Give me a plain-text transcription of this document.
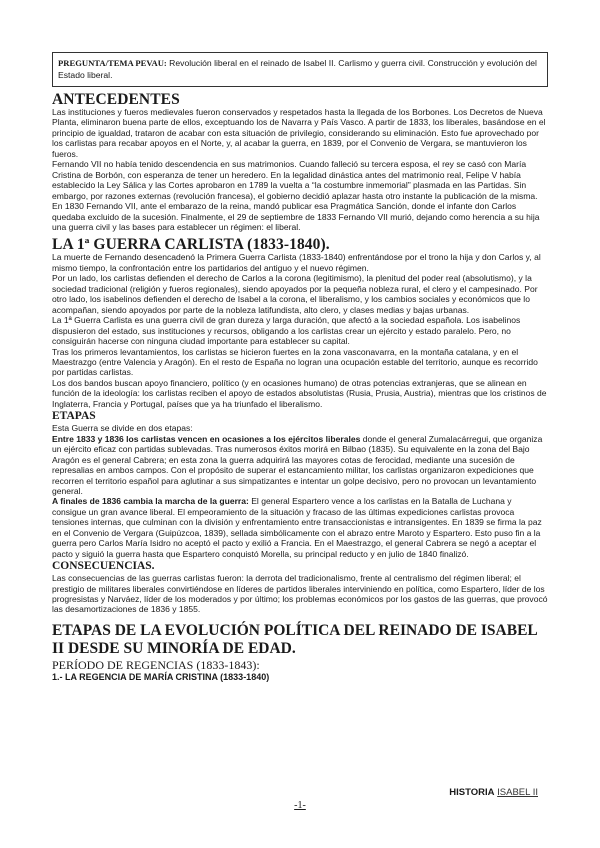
PREGUNTA/TEMA PEVAU: Revolución liberal en el reinado de Isabel II. Carlismo y guerra civil. Construcción y evolución del Estado liberal.
ANTECEDENTES

Las instituciones y fueros medievales fueron conservados y respetados hasta la llegada de los Borbones. Los Decretos de Nueva Planta, eliminaron buena parte de ellos, exceptuando los de Navarra y País Vasco. A partir de 1833, los liberales, basándose en el principio de igualdad, trataron de acabar con esta situación de privilegio, considerando su eliminación. Esto fue aprovechado por los carlistas para recabar apoyos en el Norte, y, al acabar la guerra, en 1839, por el Convenio de Vergara, se mantuvieron los fueros.

Fernando VII no había tenido descendencia en sus matrimonios. Cuando falleció su tercera esposa, el rey se casó con María Cristina de Borbón, con esperanza de tener un heredero. En la legalidad dinástica antes del matrimonio real, Felipe V había establecido la Ley Sálica y las Cortes aprobaron en 1789 la vuelta a “la costumbre inmemorial” plasmada en las Partidas. Sin embargo, por razones externas (revolución francesa), el gobierno decidió aplazar hasta otro instante la publicación de la misma. En 1830 Fernando VII, ante el embarazo de la reina, mandó publicar esa Pragmática Sanción, donde el infante don Carlos quedaba excluido de la sucesión. Finalmente, el 29 de septiembre de 1833 Fernando VII murió, dejando como herencia a su hija una guerra civil y las bases para establecer un régimen: el liberal.

LA 1ª GUERRA CARLISTA (1833-1840).

La muerte de Fernando desencadenó la Primera Guerra Carlista (1833-1840) enfrentándose por el trono la hija y don Carlos y, al mismo tiempo, la confrontación entre los partidarios del antiguo y el nuevo régimen.

Por un lado, los carlistas defienden el derecho de Carlos a la corona (legitimismo), la plenitud del poder real (absolutismo), y la sociedad tradicional (religión y fueros regionales), siendo apoyados por la pequeña nobleza rural, el clero y el campesinado. Por otro lado, los isabelinos defienden el derecho de Isabel a la corona, el liberalismo, y los cambios sociales y económicos que lo acompañan, siendo apoyados por parte de la nobleza latifundista, alto clero, y clases medias y bajas urbanas.

La 1ª Guerra Carlista es una guerra civil de gran dureza y larga duración, que afectó a la sociedad española. Los isabelinos dispusieron del estado, sus instituciones y recursos, obligando a los carlistas crear un ejército y estado paralelo. Pero, no consiguirán hacerse con ninguna ciudad importante para establecer su capital.

Tras los primeros levantamientos, los carlistas se hicieron fuertes en la zona vasconavarra, en la montaña catalana, y en el Maestrazgo (entre Valencia y Aragón). En el resto de España no logran una ocupación estable del territorio, aunque es recorrido por partidas carlistas.

Los dos bandos buscan apoyo financiero, político (y en ocasiones humano) de otras potencias extranjeras, que se alinean en función de la ideología: los carlistas reciben el apoyo de estados absolutistas (Rusia, Prusia, Austria), mientras que los cristinos de Inglaterra, Francia y Portugal, países que ya ha triunfado el liberalismo.

ETAPAS

Esta Guerra se divide en dos etapas:

Entre 1833 y 1836 los carlistas vencen en ocasiones a los ejércitos liberales donde el general Zumalacárregui, que organiza un ejército eficaz con partidas sublevadas. Tras numerosos éxitos morirá en Bilbao (1835). Su equivalente en la zona del Bajo Aragón es el general Cabrera; en esta zona la guerra adquirirá las mayores cotas de ferocidad, mediante una sucesión de represalias en ambos campos. Con el propósito de superar el estancamiento militar, los carlistas organizaron expediciones que recorren el territorio español para aglutinar a sus simpatizantes e intentar un golpe decisivo, pero no provocan un levantamiento general.

A finales de 1836 cambia la marcha de la guerra: El general Espartero vence a los carlistas en la Batalla de Luchana y consigue un gran avance liberal. El empeoramiento de la situación y fracaso de las últimas expediciones carlistas provoca tensiones internas, que culminan con la división y enfrentamiento entre transaccionistas e intransigentes. En 1839 se firma la paz en el Convenio de Vergara (Guipúzcoa, 1839), sellada simbólicamente con el abrazo entre Maroto y Espartero. Esto puso fin a la guerra pero Carlos María Isidro no aceptó el pacto y exilió a Francia. En el Maestrazgo, el general Cabrera se negó a aceptar el pacto y siguió la guerra hasta que Espartero conquistó Morella, su principal reducto y en julio de 1840 finalizó.

CONSECUENCIAS.

Las consecuencias de las guerras carlistas fueron: la derrota del tradicionalismo, frente al centralismo del régimen liberal; el prestigio de militares liberales convirtiéndose en líderes de partidos liberales interviniendo en política, como Espartero, líder de los progresistas y Narváez, líder de los moderados y por último; los problemas económicos por los gastos de las guerras, que provocó las desamortizaciones de 1836 y 1855.

ETAPAS DE LA EVOLUCIÓN POLÍTICA DEL REINADO DE ISABEL II DESDE SU MINORÍA DE EDAD.
PERÍODO DE REGENCIAS (1833-1843):
1.- LA REGENCIA DE MARÍA CRISTINA (1833-1840)
HISTORIA ISABEL II
-1-
